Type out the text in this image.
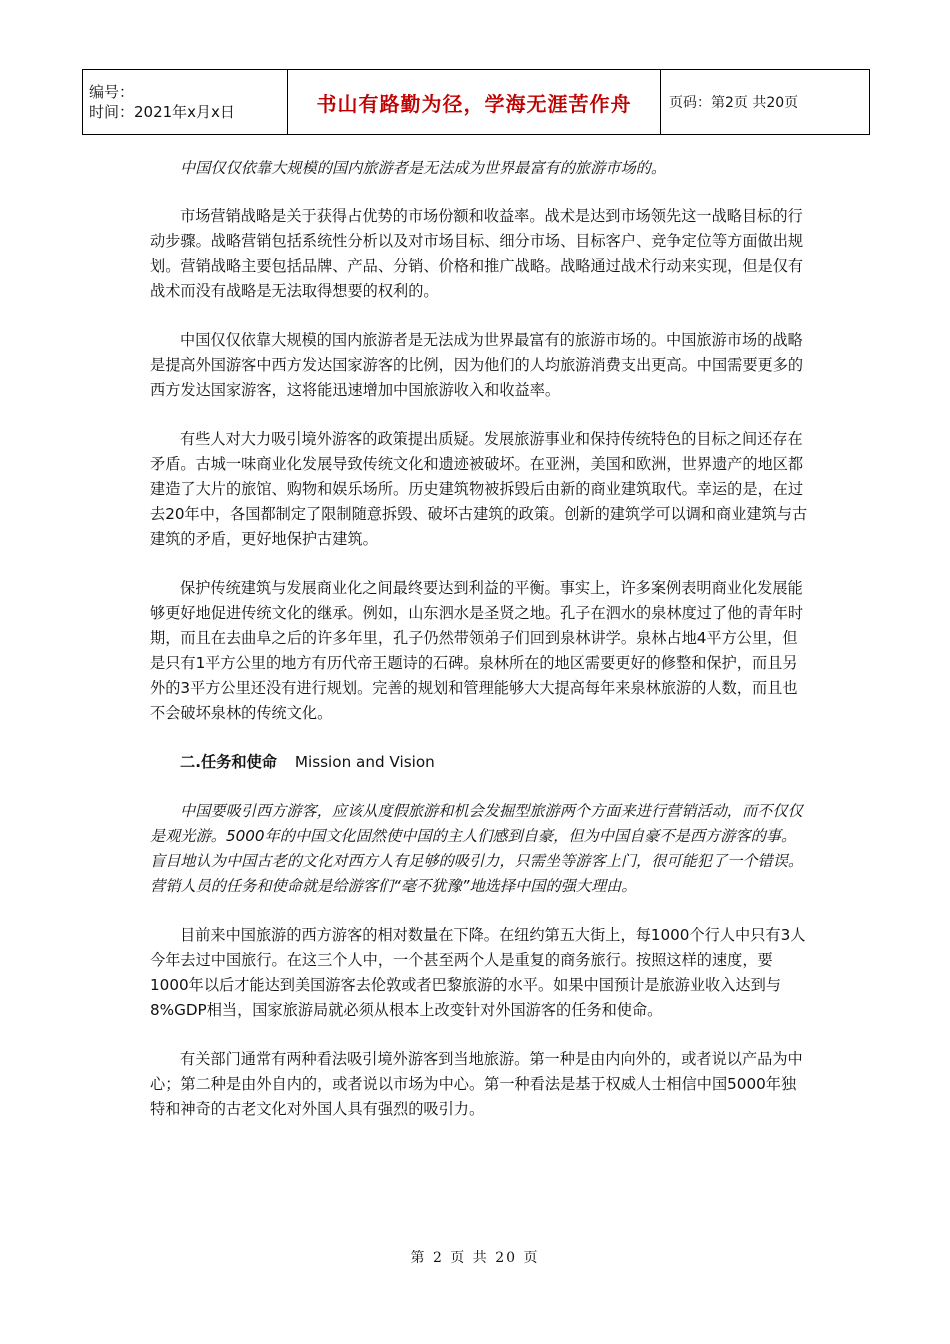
编号：
时间：2021年x月x日	书山有路勤为径，学海无涯苦作舟	页码：第2页 共20页

中国仅仅依靠大规模的国内旅游者是无法成为世界最富有的旅游市场的。

市场营销战略是关于获得占优势的市场份额和收益率。战术是达到市场领先这一战略目标的行动步骤。战略营销包括系统性分析以及对市场目标、细分市场、目标客户、竞争定位等方面做出规划。营销战略主要包括品牌、产品、分销、价格和推广战略。战略通过战术行动来实现，但是仅有战术而没有战略是无法取得想要的权利的。

中国仅仅依靠大规模的国内旅游者是无法成为世界最富有的旅游市场的。中国旅游市场的战略是提高外国游客中西方发达国家游客的比例，因为他们的人均旅游消费支出更高。中国需要更多的西方发达国家游客，这将能迅速增加中国旅游收入和收益率。

有些人对大力吸引境外游客的政策提出质疑。发展旅游事业和保持传统特色的目标之间还存在矛盾。古城一味商业化发展导致传统文化和遗迹被破坏。在亚洲，美国和欧洲，世界遗产的地区都建造了大片的旅馆、购物和娱乐场所。历史建筑物被拆毁后由新的商业建筑取代。幸运的是，在过去20年中，各国都制定了限制随意拆毁、破坏古建筑的政策。创新的建筑学可以调和商业建筑与古建筑的矛盾，更好地保护古建筑。

保护传统建筑与发展商业化之间最终要达到利益的平衡。事实上，许多案例表明商业化发展能够更好地促进传统文化的继承。例如，山东泗水是圣贤之地。孔子在泗水的泉林度过了他的青年时期，而且在去曲阜之后的许多年里，孔子仍然带领弟子们回到泉林讲学。泉林占地4平方公里，但是只有1平方公里的地方有历代帝王题诗的石碑。泉林所在的地区需要更好的修整和保护，而且另外的3平方公里还没有进行规划。完善的规划和管理能够大大提高每年来泉林旅游的人数，而且也不会破坏泉林的传统文化。

二.任务和使命 Mission and Vision

中国要吸引西方游客，应该从度假旅游和机会发掘型旅游两个方面来进行营销活动，而不仅仅是观光游。5000年的中国文化固然使中国的主人们感到自豪，但为中国自豪不是西方游客的事。盲目地认为中国古老的文化对西方人有足够的吸引力，只需坐等游客上门，很可能犯了一个错误。营销人员的任务和使命就是给游客们“毫不犹豫”地选择中国的强大理由。

目前来中国旅游的西方游客的相对数量在下降。在纽约第五大街上，每1000个行人中只有3人今年去过中国旅行。在这三个人中，一个甚至两个人是重复的商务旅行。按照这样的速度，要1000年以后才能达到美国游客去伦敦或者巴黎旅游的水平。如果中国预计是旅游业收入达到与8%GDP相当，国家旅游局就必须从根本上改变针对外国游客的任务和使命。

有关部门通常有两种看法吸引境外游客到当地旅游。第一种是由内向外的，或者说以产品为中心；第二种是由外自内的，或者说以市场为中心。第一种看法是基于权威人士相信中国5000年独特和神奇的古老文化对外国人具有强烈的吸引力。

第 2 页 共 20 页
